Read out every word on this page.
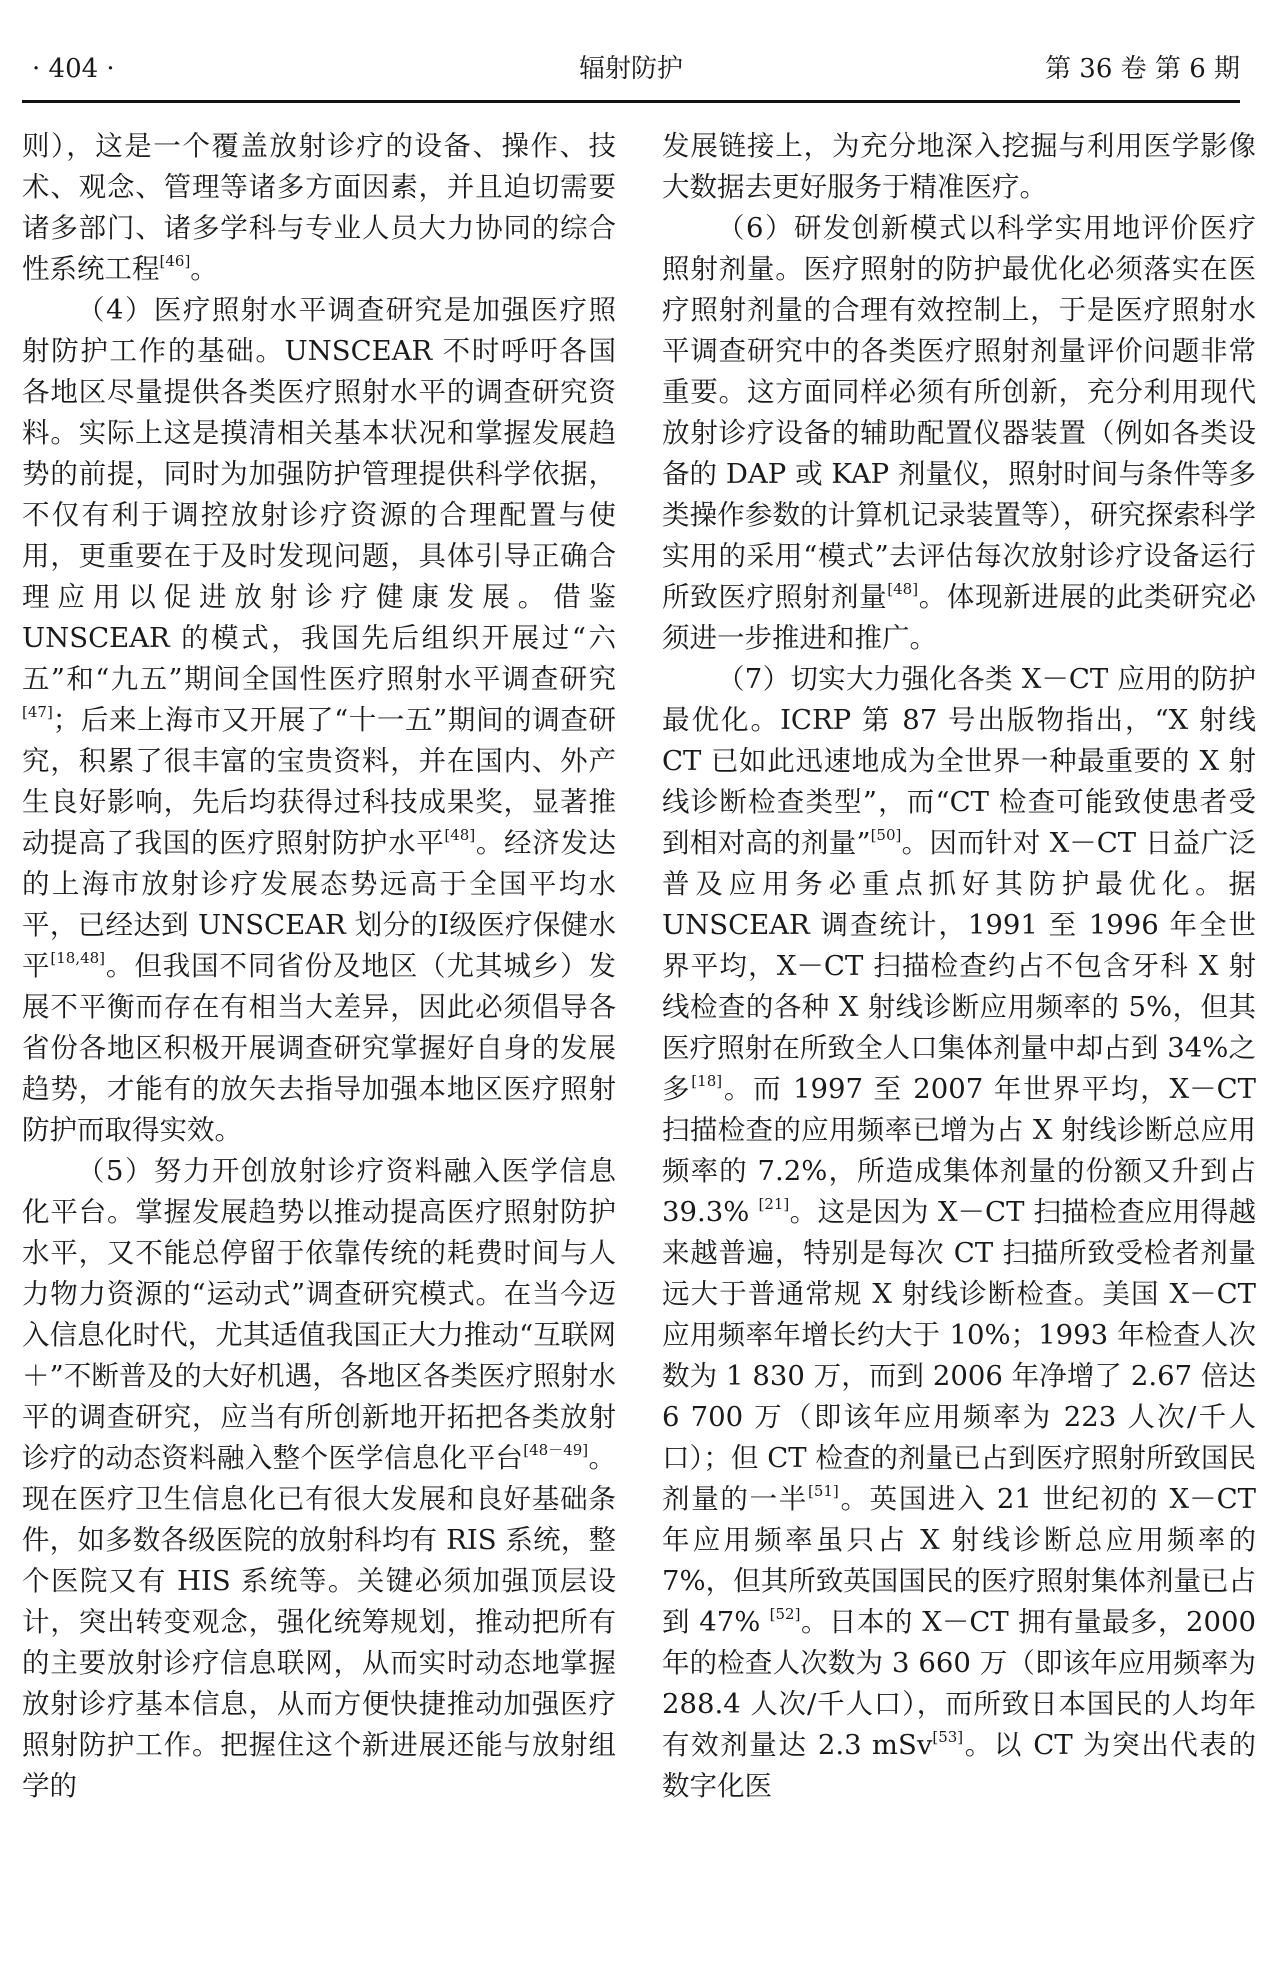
· 404 ·	辐射防护	第 36 卷 第 6 期

则），这是一个覆盖放射诊疗的设备、操作、技术、观念、管理等诸多方面因素，并且迫切需要诸多部门、诸多学科与专业人员大力协同的综合性系统工程[46]。

（4）医疗照射水平调查研究是加强医疗照射防护工作的基础。UNSCEAR 不时呼吁各国各地区尽量提供各类医疗照射水平的调查研究资料。实际上这是摸清相关基本状况和掌握发展趋势的前提，同时为加强防护管理提供科学依据，不仅有利于调控放射诊疗资源的合理配置与使用，更重要在于及时发现问题，具体引导正确合理应用以促进放射诊疗健康发展。借鉴 UNSCEAR 的模式，我国先后组织开展过“六五”和“九五”期间全国性医疗照射水平调查研究[47]；后来上海市又开展了“十一五”期间的调查研究，积累了很丰富的宝贵资料，并在国内、外产生良好影响，先后均获得过科技成果奖，显著推动提高了我国的医疗照射防护水平[48]。经济发达的上海市放射诊疗发展态势远高于全国平均水平，已经达到 UNSCEAR 划分的Ⅰ级医疗保健水平[18,48]。但我国不同省份及地区（尤其城乡）发展不平衡而存在有相当大差异，因此必须倡导各省份各地区积极开展调查研究掌握好自身的发展趋势，才能有的放矢去指导加强本地区医疗照射防护而取得实效。

（5）努力开创放射诊疗资料融入医学信息化平台。掌握发展趋势以推动提高医疗照射防护水平，又不能总停留于依靠传统的耗费时间与人力物力资源的“运动式”调查研究模式。在当今迈入信息化时代，尤其适值我国正大力推动“互联网＋”不断普及的大好机遇，各地区各类医疗照射水平的调查研究，应当有所创新地开拓把各类放射诊疗的动态资料融入整个医学信息化平台[48－49]。现在医疗卫生信息化已有很大发展和良好基础条件，如多数各级医院的放射科均有 RIS 系统，整个医院又有 HIS 系统等。关键必须加强顶层设计，突出转变观念，强化统筹规划，推动把所有的主要放射诊疗信息联网，从而实时动态地掌握放射诊疗基本信息，从而方便快捷推动加强医疗照射防护工作。把握住这个新进展还能与放射组学的

发展链接上，为充分地深入挖掘与利用医学影像大数据去更好服务于精准医疗。

（6）研发创新模式以科学实用地评价医疗照射剂量。医疗照射的防护最优化必须落实在医疗照射剂量的合理有效控制上，于是医疗照射水平调查研究中的各类医疗照射剂量评价问题非常重要。这方面同样必须有所创新，充分利用现代放射诊疗设备的辅助配置仪器装置（例如各类设备的 DAP 或 KAP 剂量仪，照射时间与条件等多类操作参数的计算机记录装置等），研究探索科学实用的采用“模式”去评估每次放射诊疗设备运行所致医疗照射剂量[48]。体现新进展的此类研究必须进一步推进和推广。

（7）切实大力强化各类 X－CT 应用的防护最优化。ICRP 第 87 号出版物指出，“X 射线 CT 已如此迅速地成为全世界一种最重要的 X 射线诊断检查类型”，而“CT 检查可能致使患者受到相对高的剂量”[50]。因而针对 X－CT 日益广泛普及应用务必重点抓好其防护最优化。据 UNSCEAR 调查统计，1991 至 1996 年全世界平均，X－CT 扫描检查约占不包含牙科 X 射线检查的各种 X 射线诊断应用频率的 5%，但其医疗照射在所致全人口集体剂量中却占到 34%之多[18]。而 1997 至 2007 年世界平均，X－CT 扫描检查的应用频率已增为占 X 射线诊断总应用频率的 7.2%，所造成集体剂量的份额又升到占 39.3% [21]。这是因为 X－CT 扫描检查应用得越来越普遍，特别是每次 CT 扫描所致受检者剂量远大于普通常规 X 射线诊断检查。美国 X－CT 应用频率年增长约大于 10%；1993 年检查人次数为 1 830 万，而到 2006 年净增了 2.67 倍达 6 700 万（即该年应用频率为 223 人次/千人口）；但 CT 检查的剂量已占到医疗照射所致国民剂量的一半[51]。英国进入 21 世纪初的 X－CT 年应用频率虽只占 X 射线诊断总应用频率的 7%，但其所致英国国民的医疗照射集体剂量已占到 47% [52]。日本的 X－CT 拥有量最多，2000 年的检查人次数为 3 660 万（即该年应用频率为 288.4 人次/千人口），而所致日本国民的人均年有效剂量达 2.3 mSv[53]。以 CT 为突出代表的数字化医
